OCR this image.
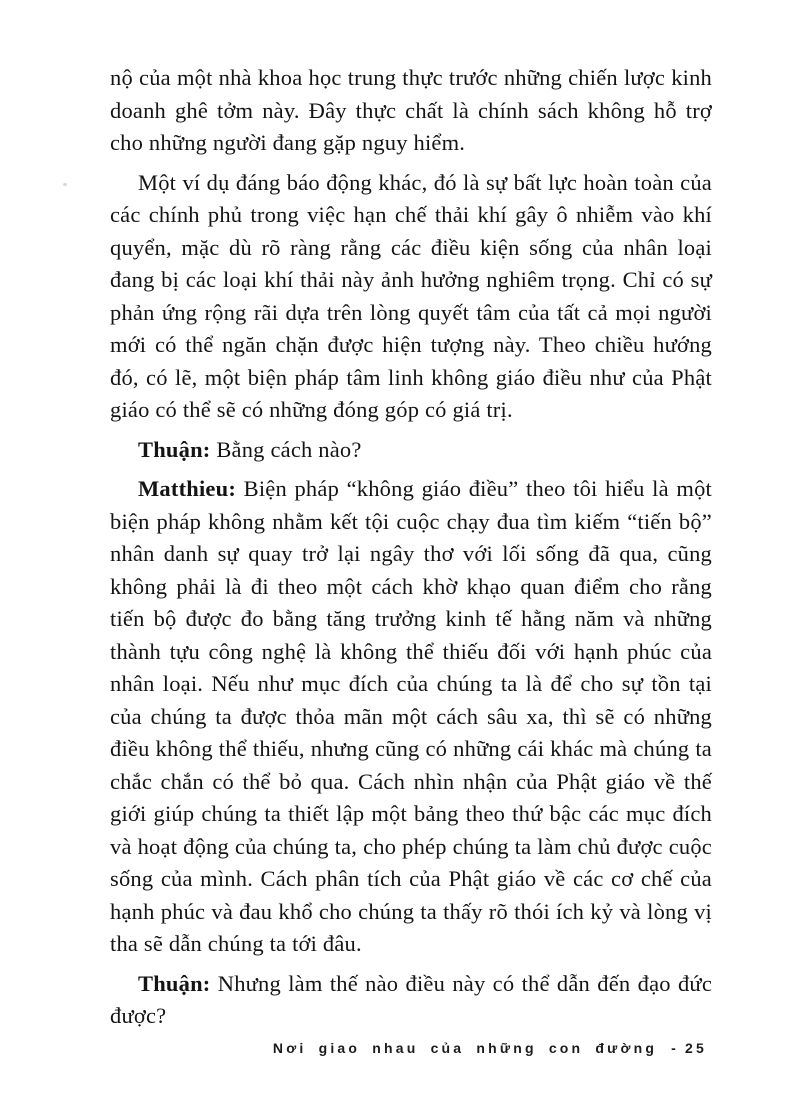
nộ của một nhà khoa học trung thực trước những chiến lược kinh doanh ghê tởm này. Đây thực chất là chính sách không hỗ trợ cho những người đang gặp nguy hiểm.

Một ví dụ đáng báo động khác, đó là sự bất lực hoàn toàn của các chính phủ trong việc hạn chế thải khí gây ô nhiễm vào khí quyển, mặc dù rõ ràng rằng các điều kiện sống của nhân loại đang bị các loại khí thải này ảnh hưởng nghiêm trọng. Chỉ có sự phản ứng rộng rãi dựa trên lòng quyết tâm của tất cả mọi người mới có thể ngăn chặn được hiện tượng này. Theo chiều hướng đó, có lẽ, một biện pháp tâm linh không giáo điều như của Phật giáo có thể sẽ có những đóng góp có giá trị.

Thuận: Bằng cách nào?

Matthieu: Biện pháp “không giáo điều” theo tôi hiểu là một biện pháp không nhằm kết tội cuộc chạy đua tìm kiếm “tiến bộ” nhân danh sự quay trở lại ngây thơ với lối sống đã qua, cũng không phải là đi theo một cách khờ khạo quan điểm cho rằng tiến bộ được đo bằng tăng trưởng kinh tế hằng năm và những thành tựu công nghệ là không thể thiếu đối với hạnh phúc của nhân loại. Nếu như mục đích của chúng ta là để cho sự tồn tại của chúng ta được thỏa mãn một cách sâu xa, thì sẽ có những điều không thể thiếu, nhưng cũng có những cái khác mà chúng ta chắc chắn có thể bỏ qua. Cách nhìn nhận của Phật giáo về thế giới giúp chúng ta thiết lập một bảng theo thứ bậc các mục đích và hoạt động của chúng ta, cho phép chúng ta làm chủ được cuộc sống của mình. Cách phân tích của Phật giáo về các cơ chế của hạnh phúc và đau khổ cho chúng ta thấy rõ thói ích kỷ và lòng vị tha sẽ dẫn chúng ta tới đâu.

Thuận: Nhưng làm thế nào điều này có thể dẫn đến đạo đức được?

Nơi giao nhau của những con đường - 25
